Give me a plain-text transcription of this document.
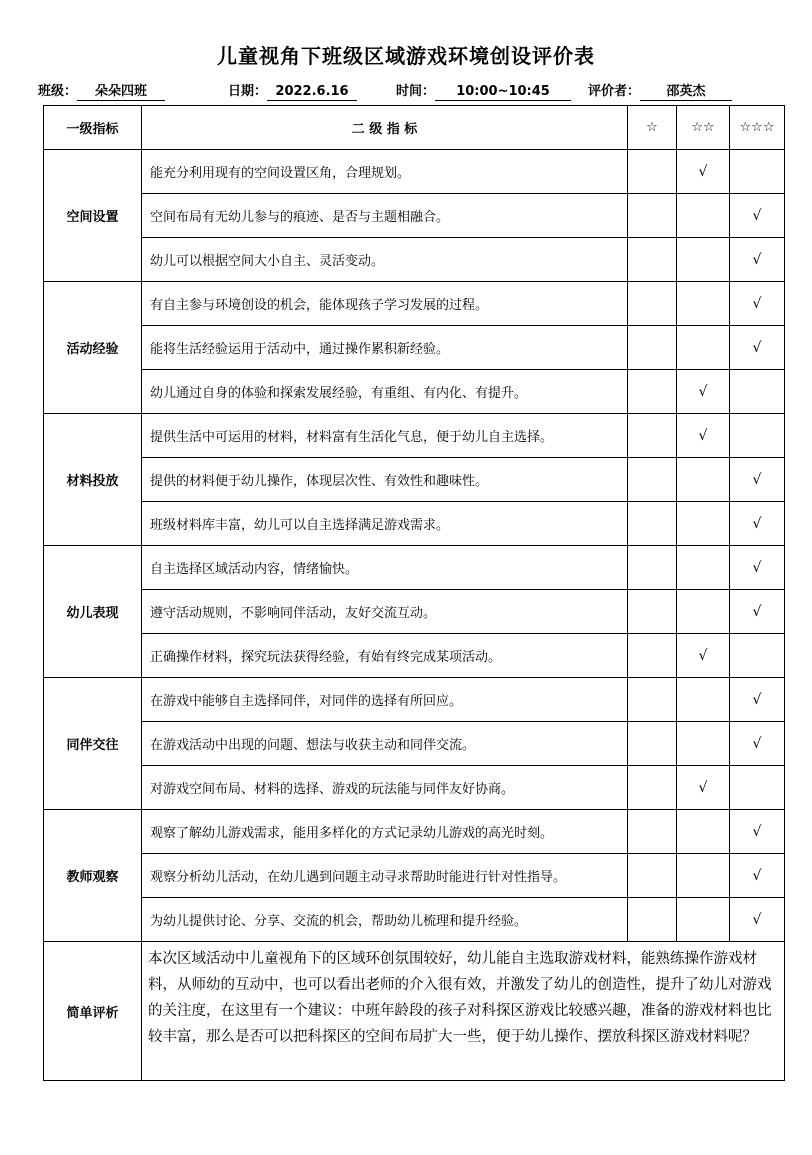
儿童视角下班级区域游戏环境创设评价表
班级： 朵朵四班	日期： 2022.6.16	时间： 10:00~10:45	评价者： 邵英杰
一级指标	二 级 指 标	☆	☆☆	☆☆☆
空间设置	能充分利用现有的空间设置区角，合理规划。		√	
	空间布局有无幼儿参与的痕迹、是否与主题相融合。			√
	幼儿可以根据空间大小自主、灵活变动。			√
活动经验	有自主参与环境创设的机会，能体现孩子学习发展的过程。			√
	能将生活经验运用于活动中，通过操作累积新经验。			√
	幼儿通过自身的体验和探索发展经验，有重组、有内化、有提升。		√	
材料投放	提供生活中可运用的材料，材料富有生活化气息，便于幼儿自主选择。		√	
	提供的材料便于幼儿操作，体现层次性、有效性和趣味性。			√
	班级材料库丰富，幼儿可以自主选择满足游戏需求。			√
幼儿表现	自主选择区域活动内容，情绪愉快。			√
	遵守活动规则，不影响同伴活动，友好交流互动。			√
	正确操作材料，探究玩法获得经验，有始有终完成某项活动。		√	
同伴交往	在游戏中能够自主选择同伴，对同伴的选择有所回应。			√
	在游戏活动中出现的问题、想法与收获主动和同伴交流。			√
	对游戏空间布局、材料的选择、游戏的玩法能与同伴友好协商。		√	
教师观察	观察了解幼儿游戏需求，能用多样化的方式记录幼儿游戏的高光时刻。			√
	观察分析幼儿活动，在幼儿遇到问题主动寻求帮助时能进行针对性指导。			√
	为幼儿提供讨论、分享、交流的机会，帮助幼儿梳理和提升经验。			√
简单评析	本次区域活动中儿童视角下的区域环创氛围较好，幼儿能自主选取游戏材料，能熟练操作游戏材料，从师幼的互动中，也可以看出老师的介入很有效，并激发了幼儿的创造性，提升了幼儿对游戏的关注度，在这里有一个建议：中班年龄段的孩子对科探区游戏比较感兴趣，准备的游戏材料也比较丰富，那么是否可以把科探区的空间布局扩大一些，便于幼儿操作、摆放科探区游戏材料呢？			
